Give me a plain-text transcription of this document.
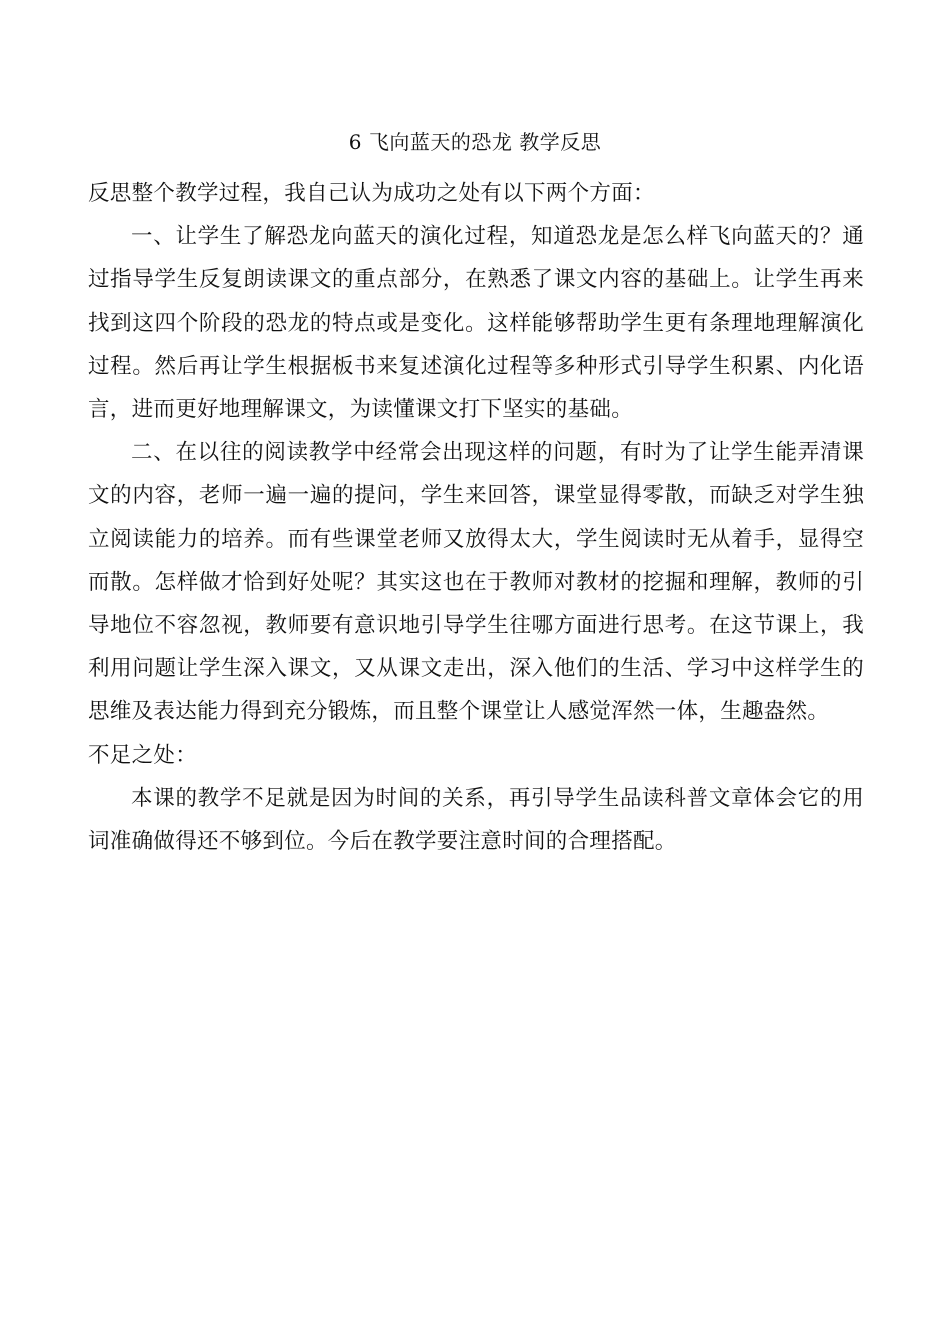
6 飞向蓝天的恐龙 教学反思

反思整个教学过程，我自己认为成功之处有以下两个方面：

一、让学生了解恐龙向蓝天的演化过程，知道恐龙是怎么样飞向蓝天的？通过指导学生反复朗读课文的重点部分，在熟悉了课文内容的基础上。让学生再来找到这四个阶段的恐龙的特点或是变化。这样能够帮助学生更有条理地理解演化过程。然后再让学生根据板书来复述演化过程等多种形式引导学生积累、内化语言，进而更好地理解课文，为读懂课文打下坚实的基础。

二、在以往的阅读教学中经常会出现这样的问题，有时为了让学生能弄清课文的内容，老师一遍一遍的提问，学生来回答，课堂显得零散，而缺乏对学生独立阅读能力的培养。而有些课堂老师又放得太大，学生阅读时无从着手，显得空而散。怎样做才恰到好处呢？其实这也在于教师对教材的挖掘和理解，教师的引导地位不容忽视，教师要有意识地引导学生往哪方面进行思考。在这节课上，我利用问题让学生深入课文，又从课文走出，深入他们的生活、学习中这样学生的思维及表达能力得到充分锻炼，而且整个课堂让人感觉浑然一体，生趣盎然。

不足之处：

本课的教学不足就是因为时间的关系，再引导学生品读科普文章体会它的用词准确做得还不够到位。今后在教学要注意时间的合理搭配。
